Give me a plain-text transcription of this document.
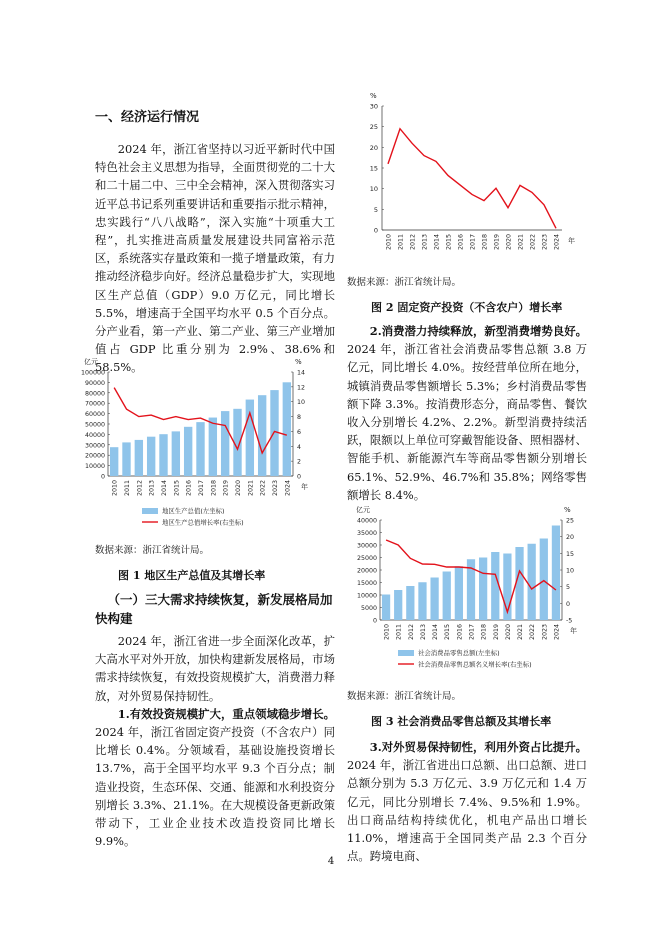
一、经济运行情况

2024 年，浙江省坚持以习近平新时代中国特色社会主义思想为指导，全面贯彻党的二十大和二十届二中、三中全会精神，深入贯彻落实习近平总书记系列重要讲话和重要指示批示精神，忠实践行“八八战略”，深入实施“十项重大工程”，扎实推进高质量发展建设共同富裕示范区，系统落实存量政策和一揽子增量政策，有力推动经济稳步向好。经济总量稳步扩大，实现地区生产总值（GDP）9.0 万亿元，同比增长 5.5%，增速高于全国平均水平 0.5 个百分点。分产业看，第一产业、第二产业、第三产业增加值占 GDP 比重分别为 2.9%、38.6%和 58.5%。

0
10000
20000
30000
40000
50000
60000
70000
80000
90000
100000
0
2
4
6
8
10
12
14
亿元	%
年
2010 2011 2012 2013 2014 2015 2016 2017 2018 2019 2020 2021 2022 2023 2024
地区生产总值(左坐标)
地区生产总值增长率(右坐标)
数据来源：浙江省统计局。
图 1 地区生产总值及其增长率

（一）三大需求持续恢复，新发展格局加快构建

2024 年，浙江省进一步全面深化改革，扩大高水平对外开放，加快构建新发展格局，市场需求持续恢复，有效投资规模扩大，消费潜力释放，对外贸易保持韧性。

1.有效投资规模扩大，重点领域稳步增长。2024 年，浙江省固定资产投资（不含农户）同比增长 0.4%。分领域看，基础设施投资增长 13.7%，高于全国平均水平 9.3 个百分点；制造业投资，生态环保、交通、能源和水利投资分别增长 3.3%、21.1%。在大规模设备更新政策带动下，工业企业技术改造投资同比增长 9.9%。

0
5
10
15
20
25
30
%
年
2010 2011 2012 2013 2014 2015 2016 2017 2018 2019 2020 2021 2022 2023 2024
数据来源：浙江省统计局。
图 2 固定资产投资（不含农户）增长率

2.消费潜力持续释放，新型消费增势良好。2024 年，浙江省社会消费品零售总额 3.8 万亿元，同比增长 4.0%。按经营单位所在地分，城镇消费品零售额增长 5.3%；乡村消费品零售额下降 3.3%。按消费形态分，商品零售、餐饮收入分别增长 4.2%、2.2%。新型消费持续活跃，限额以上单位可穿戴智能设备、照相器材、智能手机、新能源汽车等商品零售额分别增长 65.1%、52.9%、46.7%和 35.8%；网络零售额增长 8.4%。

0
5000
10000
15000
20000
25000
30000
35000
40000
-5
0
5
10
15
20
25
亿元	%
年
2010 2011 2012 2013 2014 2015 2016 2017 2018 2019 2020 2021 2022 2023 2024
社会消费品零售总额(左坐标)
社会消费品零售总额名义增长率(右坐标)
数据来源：浙江省统计局。
图 3 社会消费品零售总额及其增长率

3.对外贸易保持韧性，利用外资占比提升。2024 年，浙江省进出口总额、出口总额、进口总额分别为 5.3 万亿元、3.9 万亿元和 1.4 万亿元，同比分别增长 7.4%、9.5%和 1.9%。出口商品结构持续优化，机电产品出口增长 11.0%，增速高于全国同类产品 2.3 个百分点。跨境电商、

4
